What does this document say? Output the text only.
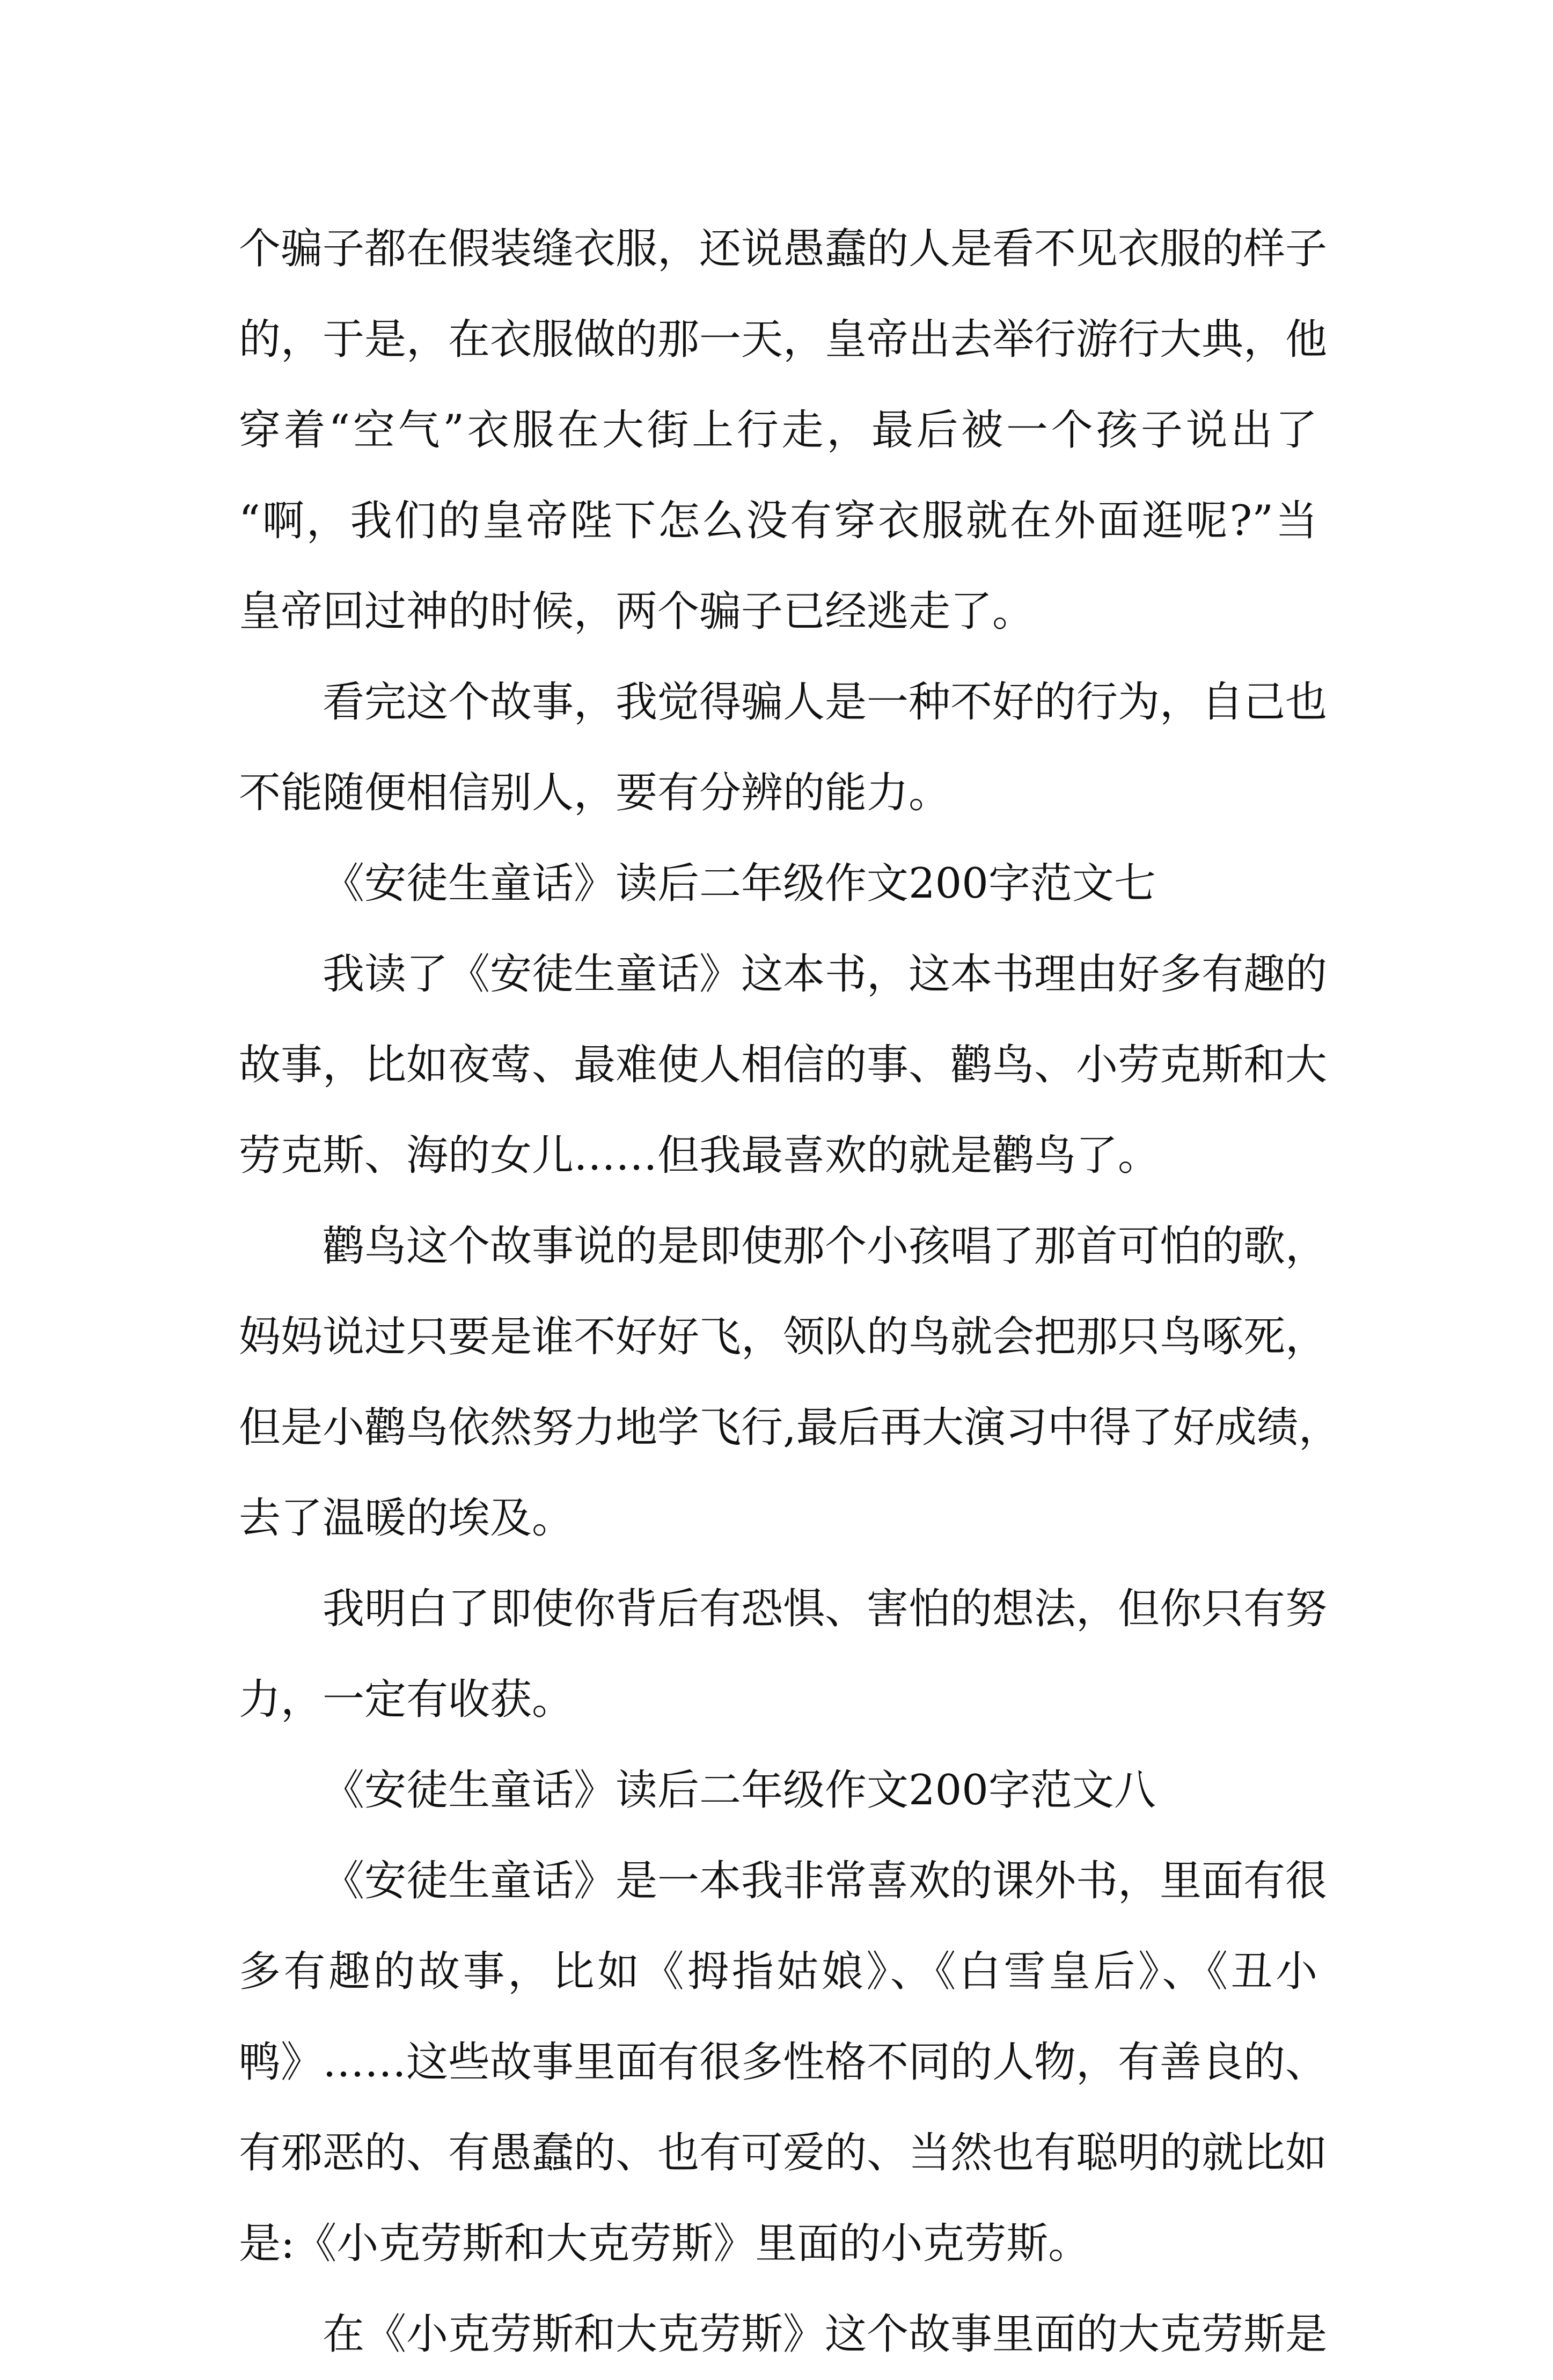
个骗子都在假装缝衣服，还说愚蠢的人是看不见衣服的样子
的，于是，在衣服做的那一天，皇帝出去举行游行大典，他
穿着“空气”衣服在大街上行走，最后被一个孩子说出了
“啊，我们的皇帝陛下怎么没有穿衣服就在外面逛呢?”当
皇帝回过神的时候，两个骗子已经逃走了。
看完这个故事，我觉得骗人是一种不好的行为，自己也
不能随便相信别人，要有分辨的能力。
《安徒生童话》读后二年级作文200字范文七
我读了《安徒生童话》这本书，这本书理由好多有趣的
故事，比如夜莺、最难使人相信的事、鹳鸟、小劳克斯和大
劳克斯、海的女儿……但我最喜欢的就是鹳鸟了。
鹳鸟这个故事说的是即使那个小孩唱了那首可怕的歌，
妈妈说过只要是谁不好好飞，领队的鸟就会把那只鸟啄死，
但是小鹳鸟依然努力地学飞行,最后再大演习中得了好成绩，
去了温暖的埃及。
我明白了即使你背后有恐惧、害怕的想法，但你只有努
力，一定有收获。
《安徒生童话》读后二年级作文200字范文八
《安徒生童话》是一本我非常喜欢的课外书，里面有很
多有趣的故事，比如《拇指姑娘》、《白雪皇后》、《丑小
鸭》……这些故事里面有很多性格不同的人物，有善良的、
有邪恶的、有愚蠢的、也有可爱的、当然也有聪明的就比如
是:《小克劳斯和大克劳斯》里面的小克劳斯。
在《小克劳斯和大克劳斯》这个故事里面的大克劳斯是
